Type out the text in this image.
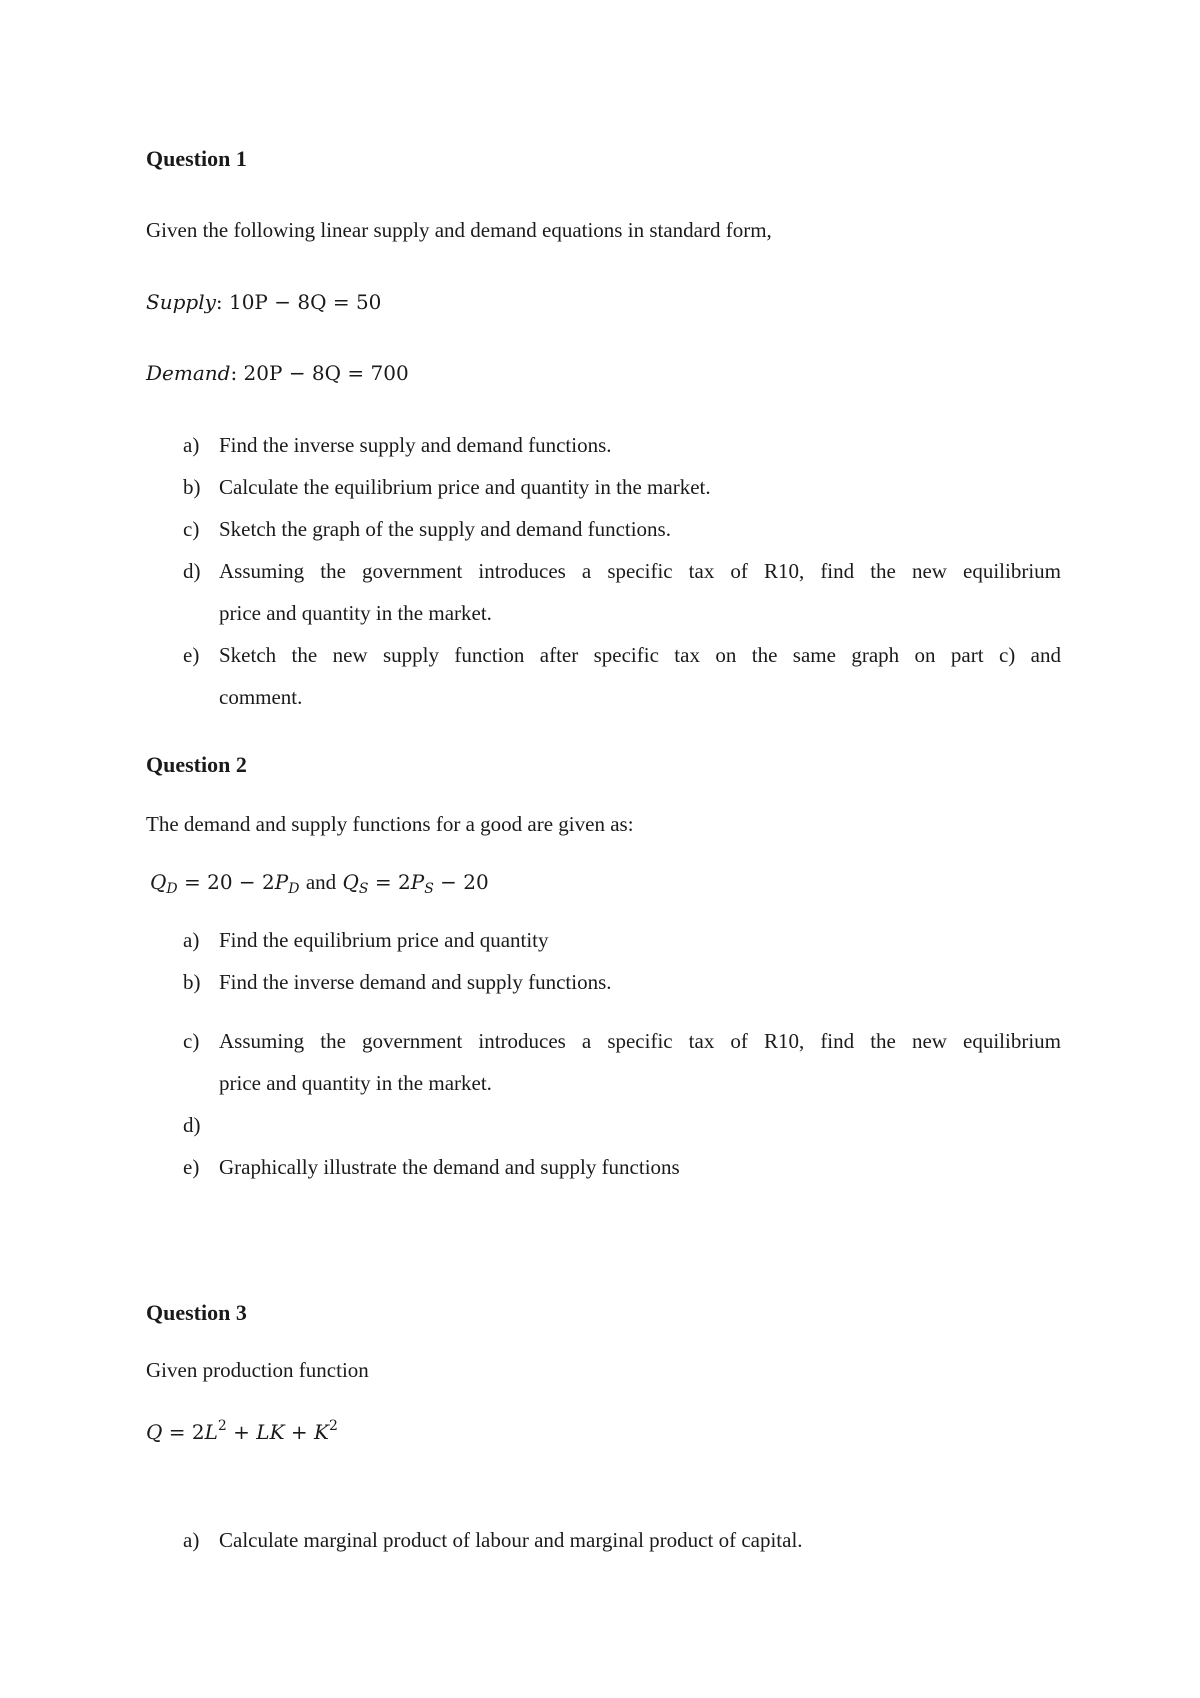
Question 1
Given the following linear supply and demand equations in standard form,
Supply: 10P − 8Q = 50
Demand: 20P − 8Q = 700
a) Find the inverse supply and demand functions.
b) Calculate the equilibrium price and quantity in the market.
c) Sketch the graph of the supply and demand functions.
d) Assuming the government introduces a specific tax of R10, find the new equilibrium
price and quantity in the market.
e) Sketch the new supply function after specific tax on the same graph on part c) and
comment.
Question 2
The demand and supply functions for a good are given as:
$Q_D = 20 - 2P_D$ and $Q_S = 2P_S - 20$
a) Find the equilibrium price and quantity
b) Find the inverse demand and supply functions.
c) Assuming the government introduces a specific tax of R10, find the new equilibrium
price and quantity in the market.
d)
e) Graphically illustrate the demand and supply functions
Question 3
Given production function
$Q = 2L^2$ + LK + $K^2$
a) Calculate marginal product of labour and marginal product of capital.
